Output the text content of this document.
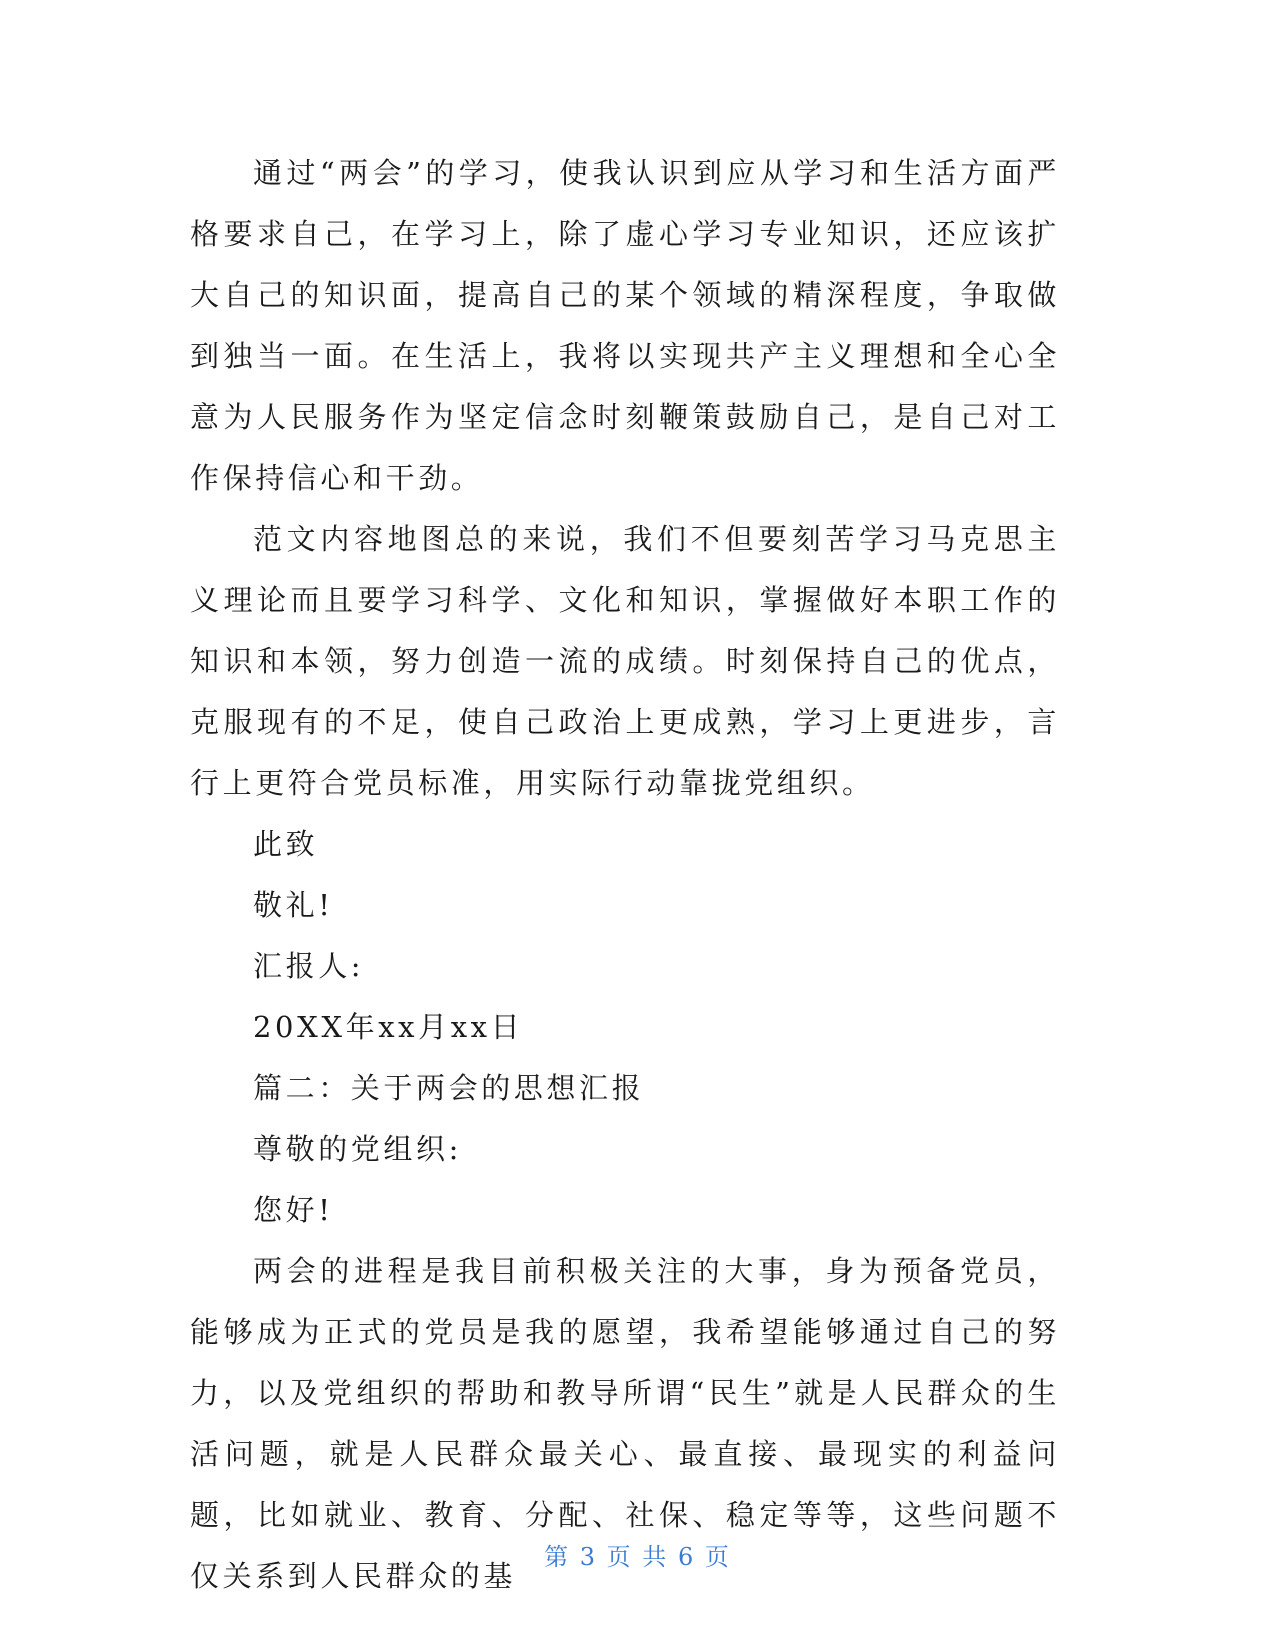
通过“两会”的学习，使我认识到应从学习和生活方面严格要求自己，在学习上，除了虚心学习专业知识，还应该扩大自己的知识面，提高自己的某个领域的精深程度，争取做到独当一面。在生活上，我将以实现共产主义理想和全心全意为人民服务作为坚定信念时刻鞭策鼓励自己，是自己对工作保持信心和干劲。

范文内容地图总的来说，我们不但要刻苦学习马克思主义理论而且要学习科学、文化和知识，掌握做好本职工作的知识和本领，努力创造一流的成绩。时刻保持自己的优点，克服现有的不足，使自己政治上更成熟，学习上更进步，言行上更符合党员标准，用实际行动靠拢党组织。

此致

敬礼!

汇报人:

20XX年xx月xx日

篇二：关于两会的思想汇报

尊敬的党组织:

您好!

两会的进程是我目前积极关注的大事，身为预备党员，能够成为正式的党员是我的愿望，我希望能够通过自己的努力，以及党组织的帮助和教导所谓“民生”就是人民群众的生活问题，就是人民群众最关心、最直接、最现实的利益问题，比如就业、教育、分配、社保、稳定等等，这些问题不仅关系到人民群众的基

第 3 页 共 6 页
